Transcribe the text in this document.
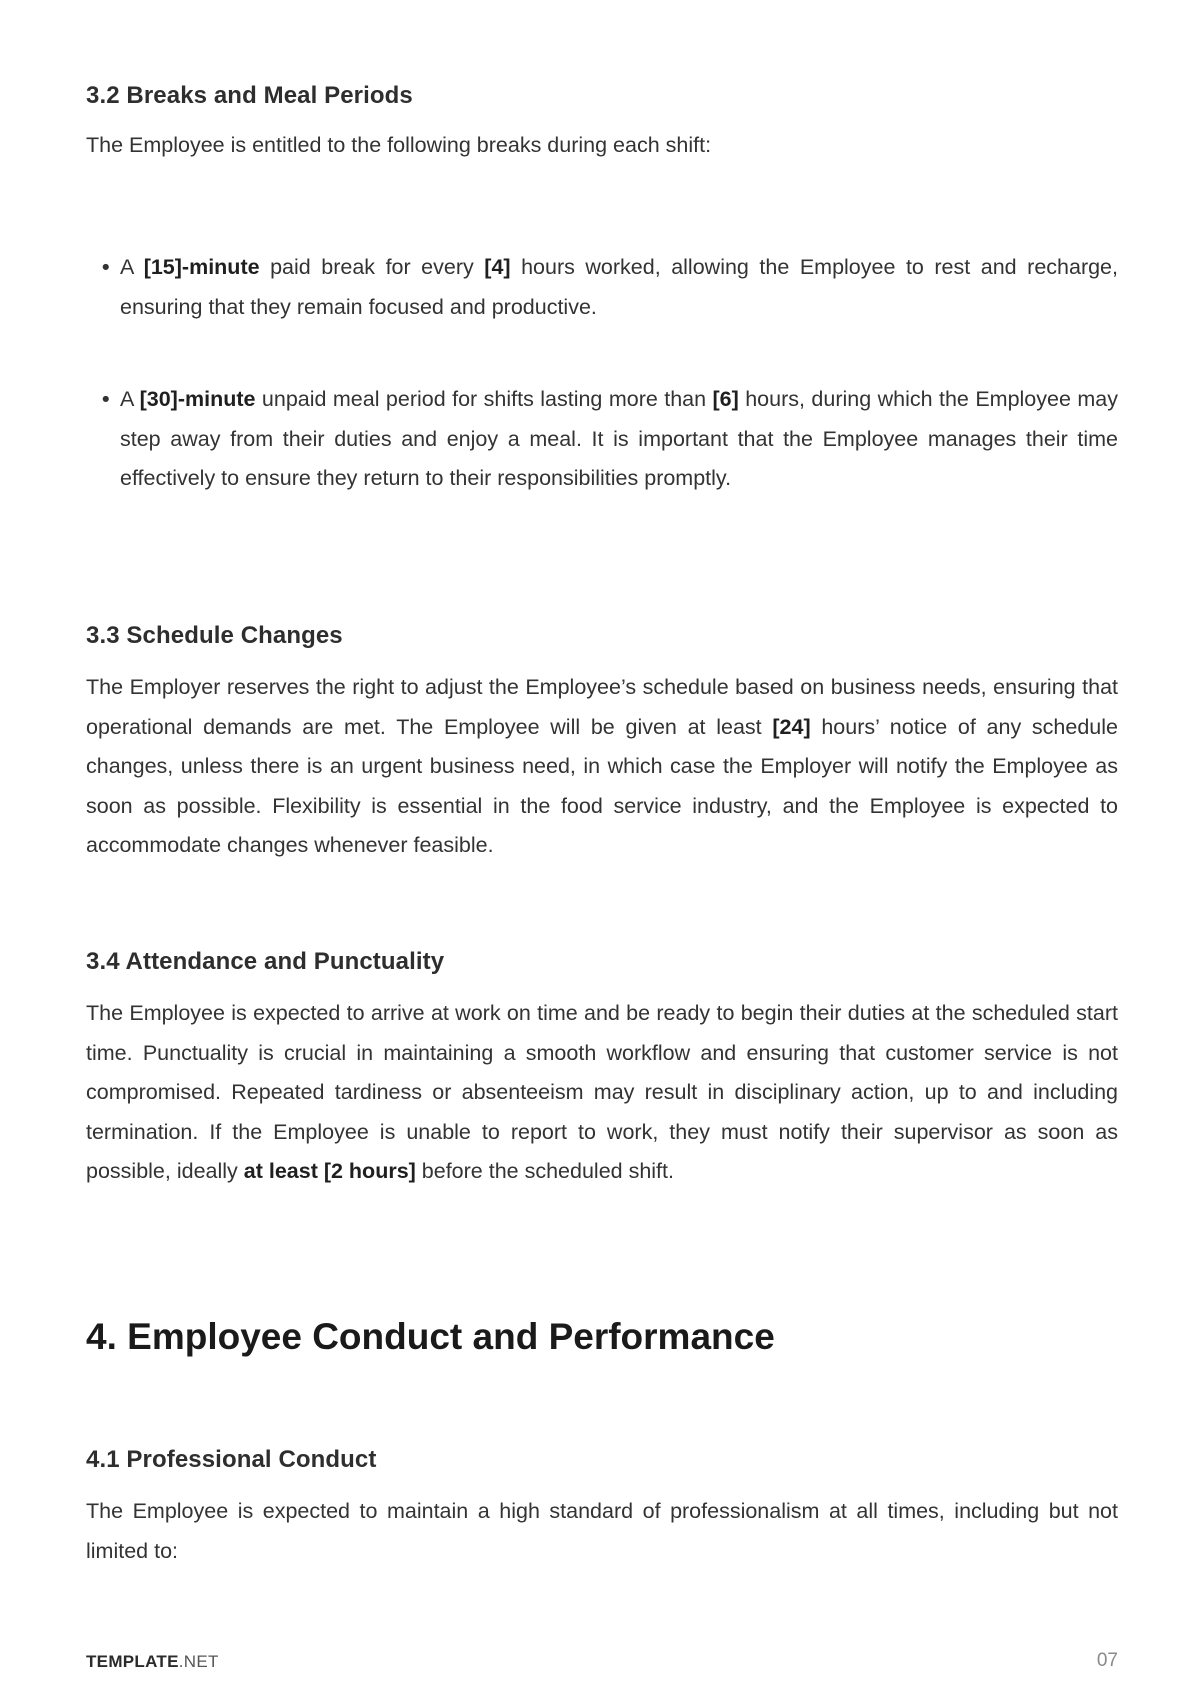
3.2 Breaks and Meal Periods

The Employee is entitled to the following breaks during each shift:

• A [15]-minute paid break for every [4] hours worked, allowing the Employee to rest and recharge, ensuring that they remain focused and productive.
• A [30]-minute unpaid meal period for shifts lasting more than [6] hours, during which the Employee may step away from their duties and enjoy a meal. It is important that the Employee manages their time effectively to ensure they return to their responsibilities promptly.
3.3 Schedule Changes

The Employer reserves the right to adjust the Employee’s schedule based on business needs, ensuring that operational demands are met. The Employee will be given at least [24] hours’ notice of any schedule changes, unless there is an urgent business need, in which case the Employer will notify the Employee as soon as possible. Flexibility is essential in the food service industry, and the Employee is expected to accommodate changes whenever feasible.

3.4 Attendance and Punctuality

The Employee is expected to arrive at work on time and be ready to begin their duties at the scheduled start time. Punctuality is crucial in maintaining a smooth workflow and ensuring that customer service is not compromised. Repeated tardiness or absenteeism may result in disciplinary action, up to and including termination. If the Employee is unable to report to work, they must notify their supervisor as soon as possible, ideally at least [2 hours] before the scheduled shift.

4. Employee Conduct and Performance
4.1 Professional Conduct

The Employee is expected to maintain a high standard of professionalism at all times, including but not limited to:

TEMPLATE.NET	07
